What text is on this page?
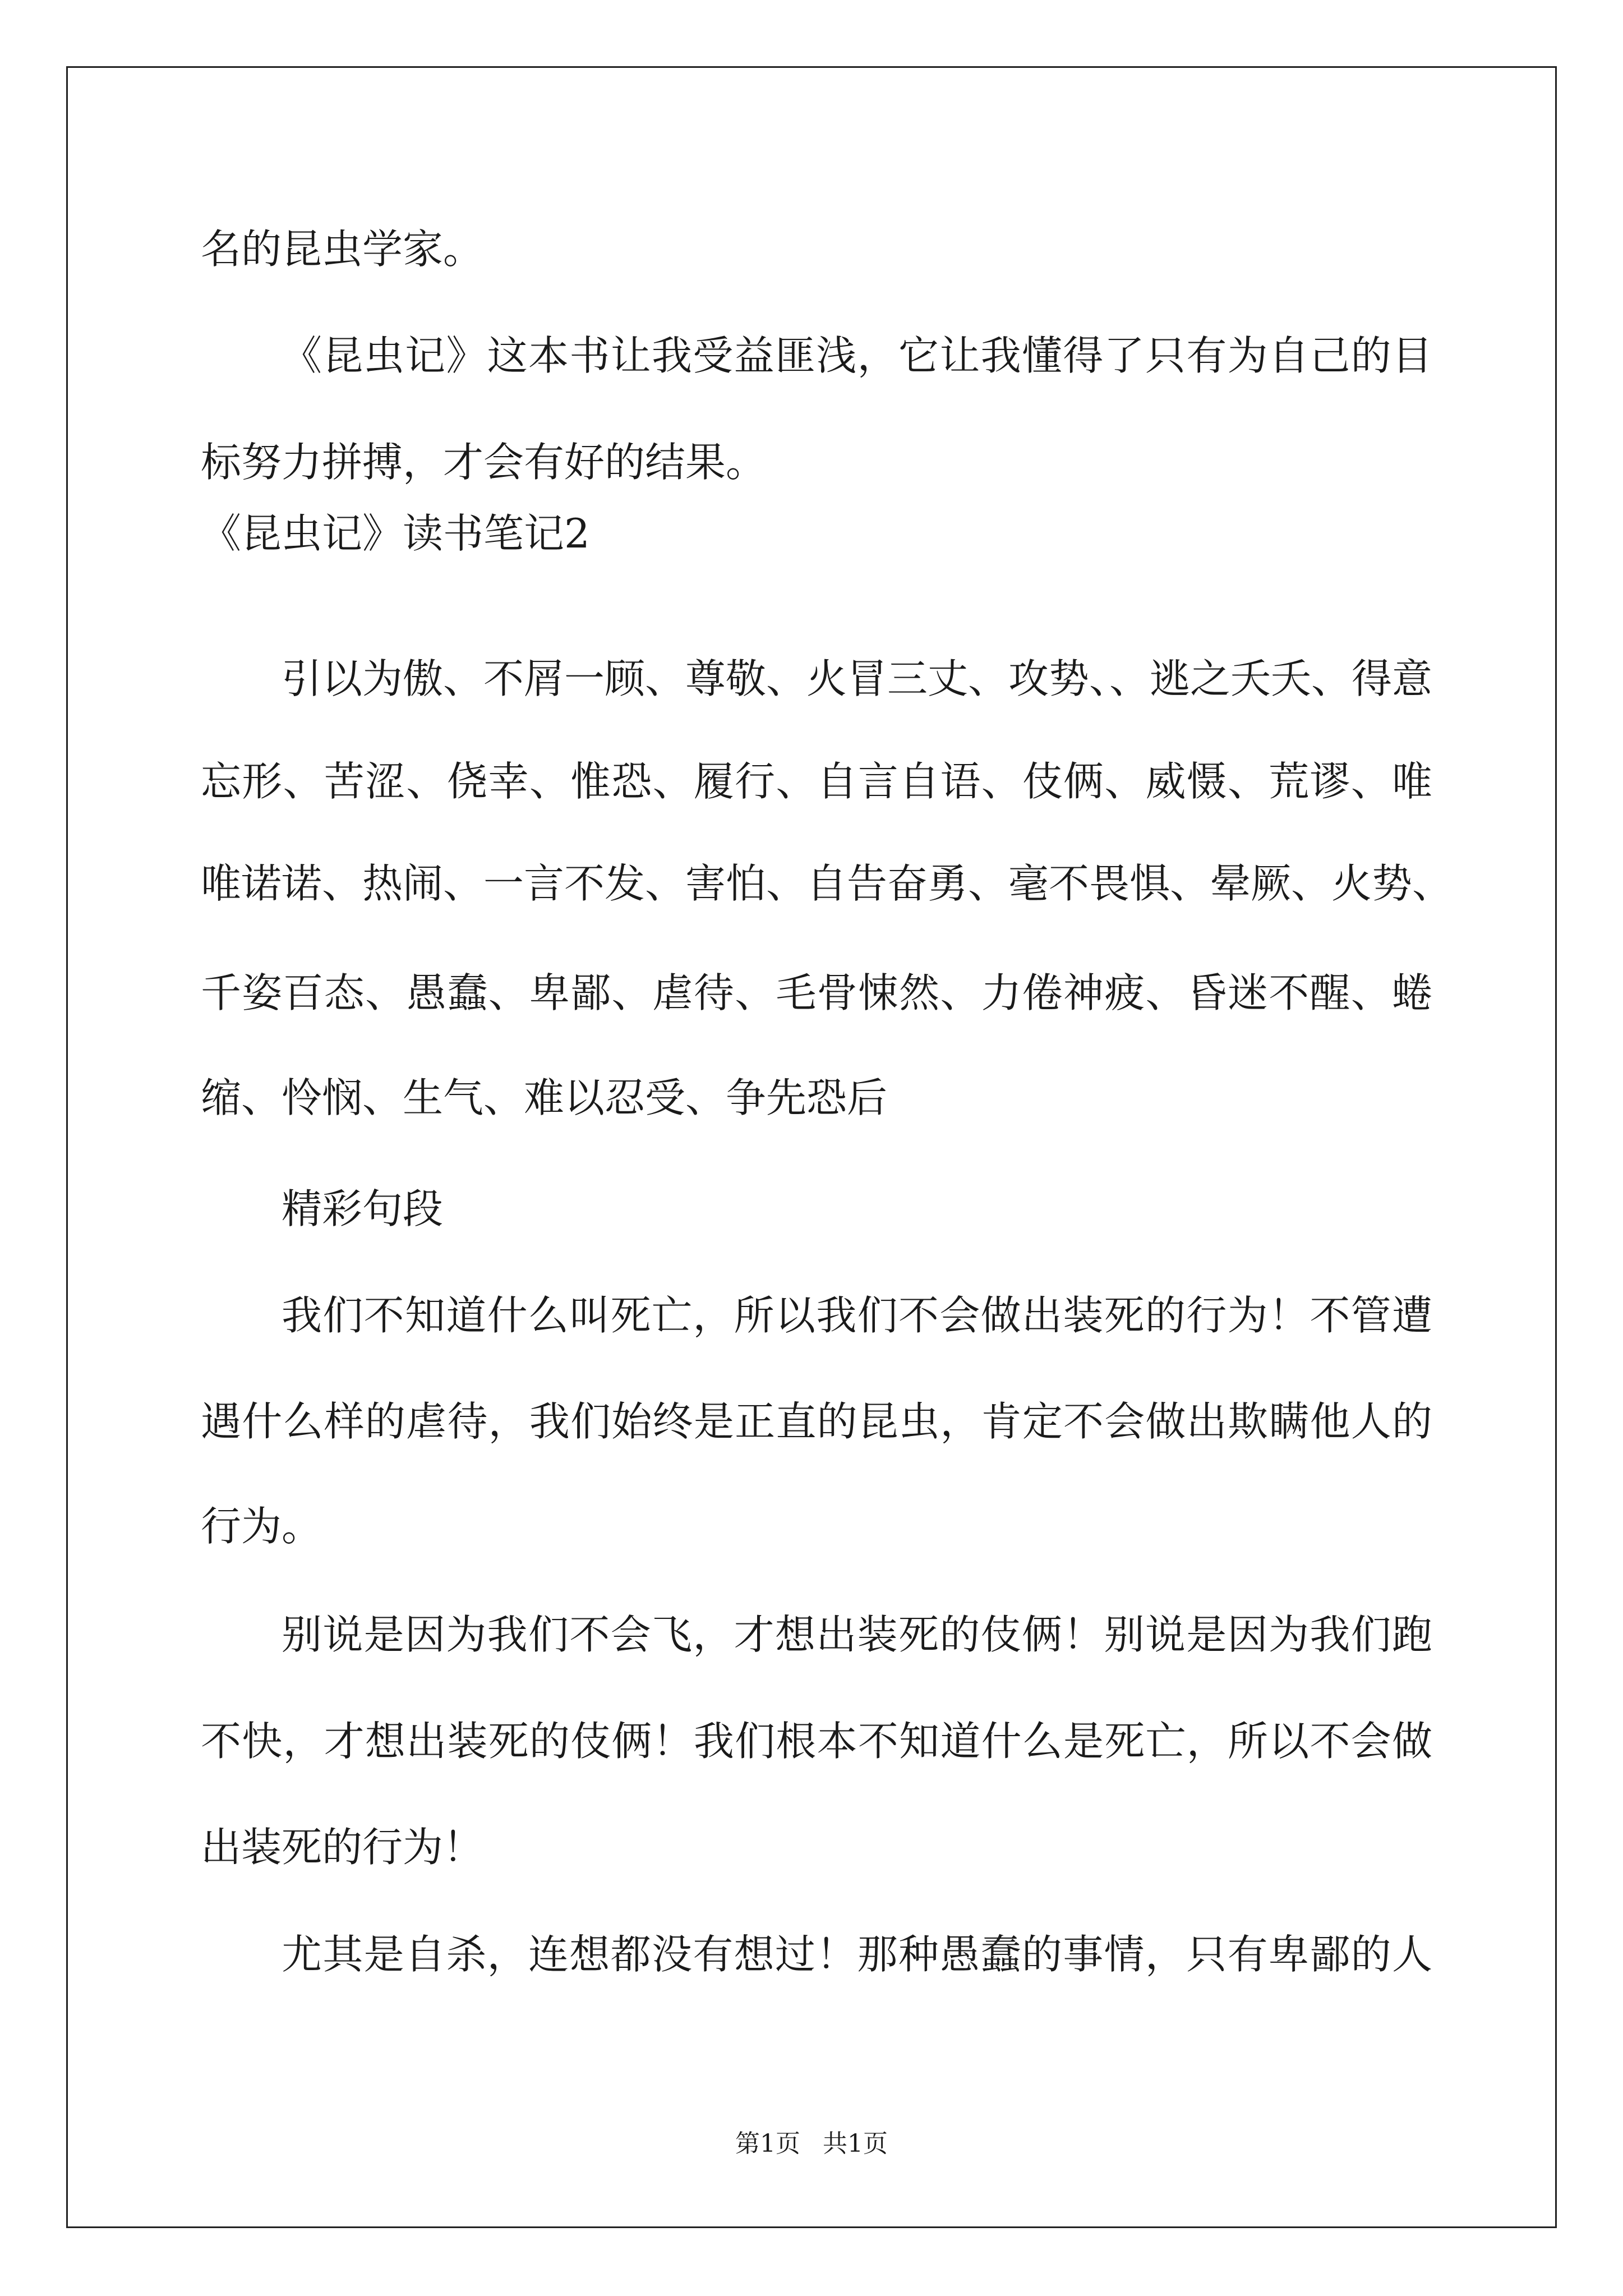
名的昆虫学家。
《昆虫记》这本书让我受益匪浅，它让我懂得了只有为自己的目
标努力拼搏，才会有好的结果。
《昆虫记》读书笔记2
引以为傲、不屑一顾、尊敬、火冒三丈、攻势、、逃之夭夭、得意
忘形、苦涩、侥幸、惟恐、履行、自言自语、伎俩、威慑、荒谬、唯
唯诺诺、热闹、一言不发、害怕、自告奋勇、毫不畏惧、晕厥、火势、
千姿百态、愚蠢、卑鄙、虐待、毛骨悚然、力倦神疲、昏迷不醒、蜷
缩、怜悯、生气、难以忍受、争先恐后
精彩句段
我们不知道什么叫死亡，所以我们不会做出装死的行为！不管遭
遇什么样的虐待，我们始终是正直的昆虫，肯定不会做出欺瞒他人的
行为。
别说是因为我们不会飞，才想出装死的伎俩！别说是因为我们跑
不快，才想出装死的伎俩！我们根本不知道什么是死亡，所以不会做
出装死的行为！
尤其是自杀，连想都没有想过！那种愚蠢的事情，只有卑鄙的人
第1页 共1页
